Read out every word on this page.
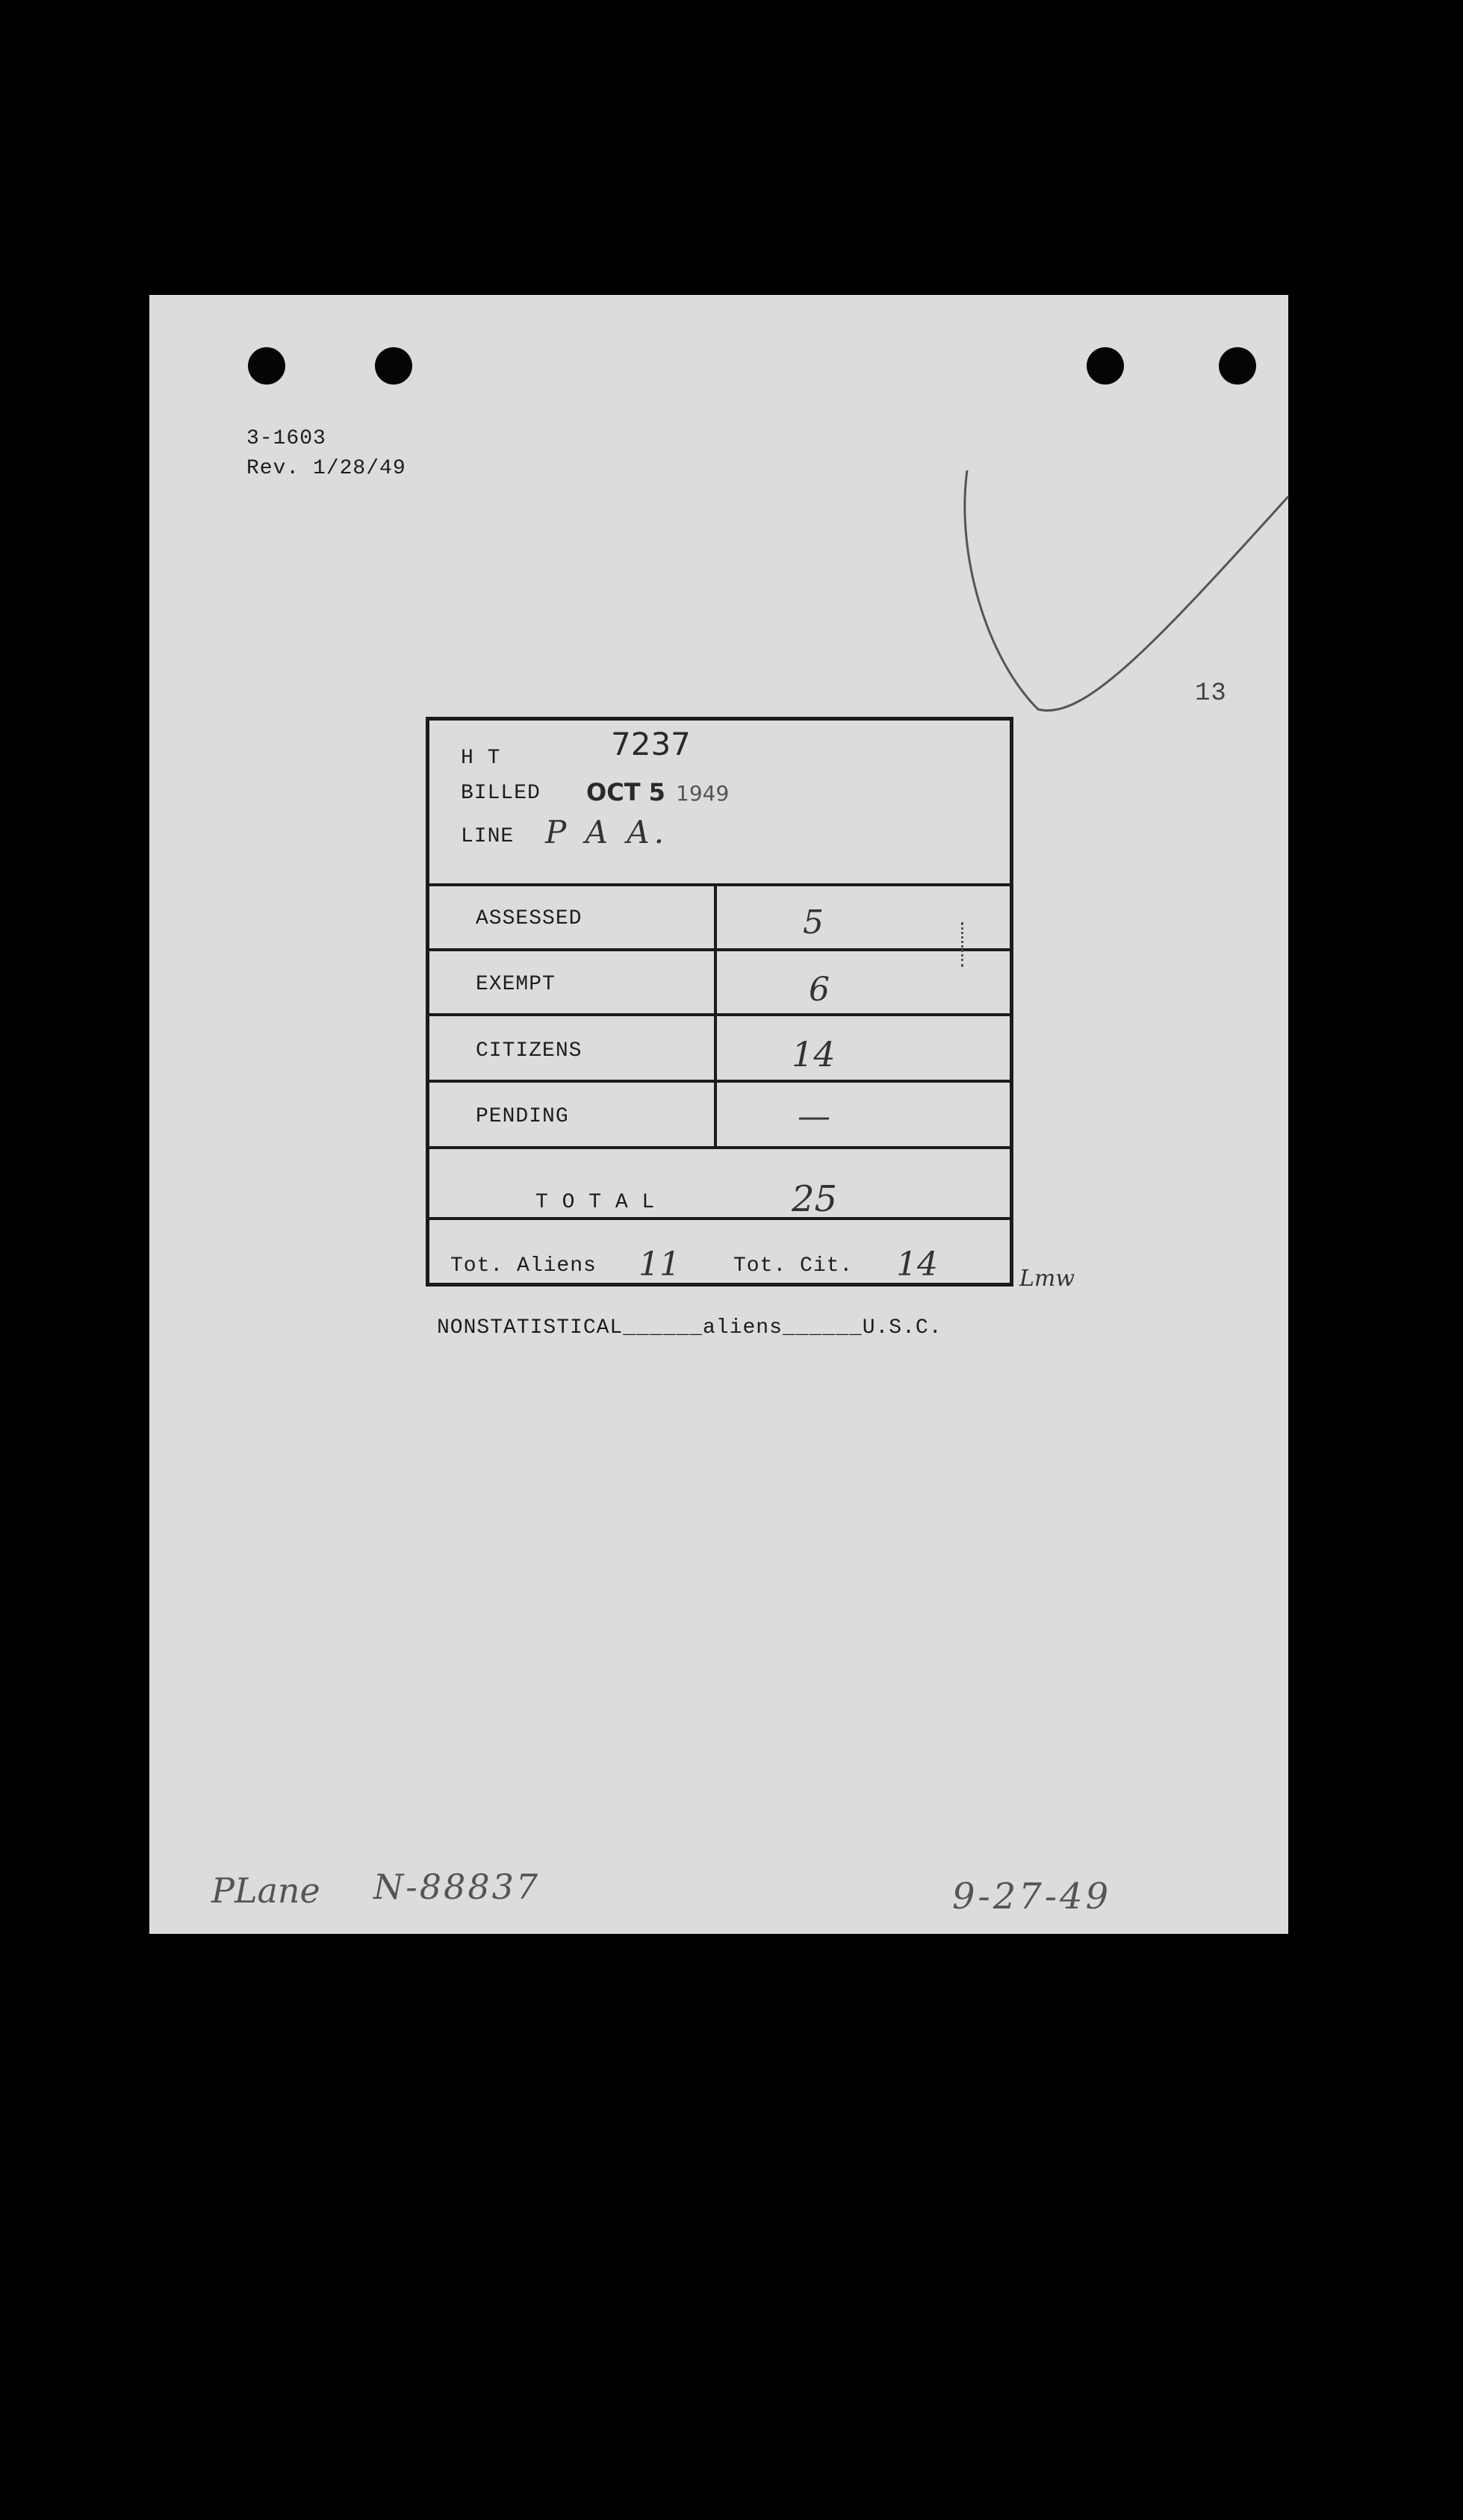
3-1603
Rev. 1/28/49
13
H T	7237
BILLED OCT 5 1949
LINE P A A.
ASSESSED	5
EXEMPT	6
CITIZENS	14
PENDING	—
T O T A L	25
Tot. Aliens 11	Tot. Cit. 14	Lmw
NONSTATISTICAL______aliens______U.S.C.
PLane N-88837	9-27-49
